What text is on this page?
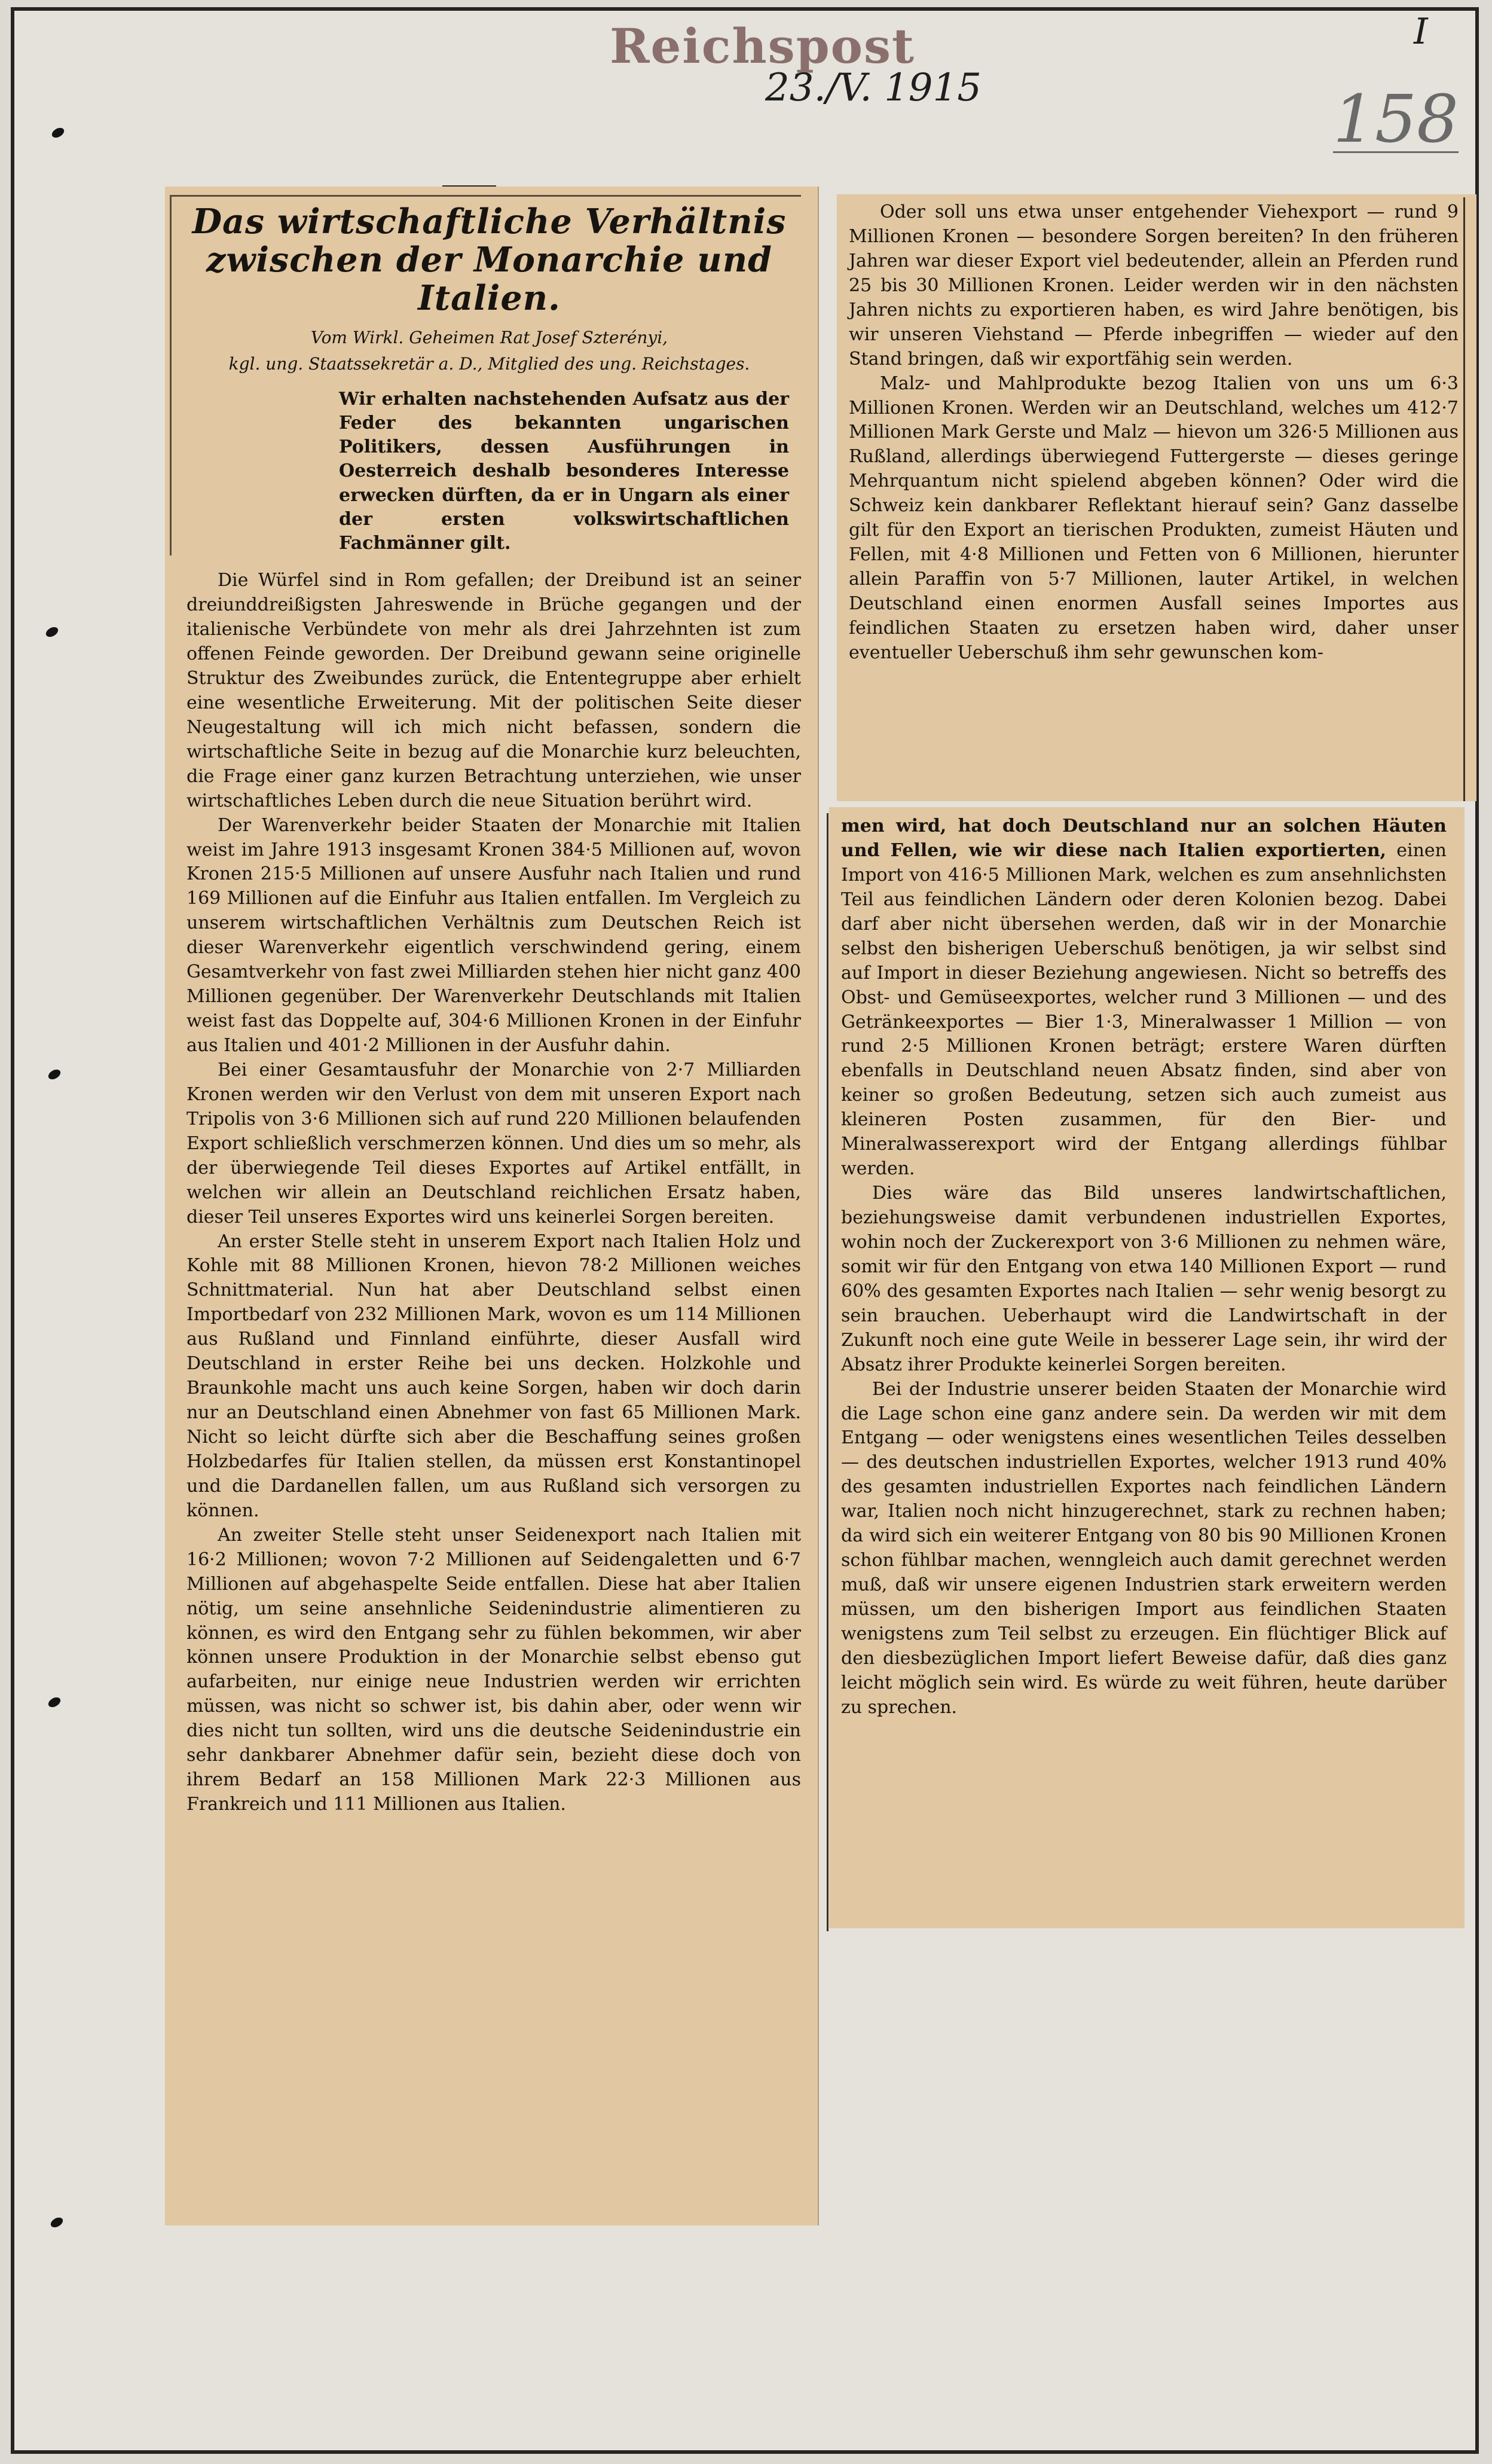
Reichspost	I
23./V. 1915	158
Das wirtschaftliche Verhältnis zwischen der Monarchie und Italien.
Vom Wirkl. Geheimen Rat Josef Szterényi,
kgl. ung. Staatssekretär a. D., Mitglied des ung. Reichstages.
Wir erhalten nachstehenden Aufsatz aus der Feder des bekannten ungarischen Politikers, dessen Ausführungen in Oesterreich deshalb besonderes Interesse erwecken dürften, da er in Ungarn als einer der ersten volkswirtschaftlichen Fachmänner gilt.

Die Würfel sind in Rom gefallen; der Dreibund ist an seiner dreiunddreißigsten Jahreswende in Brüche gegangen und der italienische Verbündete von mehr als drei Jahrzehnten ist zum offenen Feinde geworden. Der Dreibund gewann seine originelle Struktur des Zweibundes zurück, die Ententegruppe aber erhielt eine wesentliche Erweiterung. Mit der politischen Seite dieser Neugestaltung will ich mich nicht befassen, sondern die wirtschaftliche Seite in bezug auf die Monarchie kurz beleuchten, die Frage einer ganz kurzen Betrachtung unterziehen, wie unser wirtschaftliches Leben durch die neue Situation berührt wird.

Der Warenverkehr beider Staaten der Monarchie mit Italien weist im Jahre 1913 insgesamt Kronen 384·5 Millionen auf, wovon Kronen 215·5 Millionen auf unsere Ausfuhr nach Italien und rund 169 Millionen auf die Einfuhr aus Italien entfallen. Im Vergleich zu unserem wirtschaftlichen Verhältnis zum Deutschen Reich ist dieser Warenverkehr eigentlich verschwindend gering, einem Gesamtverkehr von fast zwei Milliarden stehen hier nicht ganz 400 Millionen gegenüber. Der Warenverkehr Deutschlands mit Italien weist fast das Doppelte auf, 304·6 Millionen Kronen in der Einfuhr aus Italien und 401·2 Millionen in der Ausfuhr dahin.

Bei einer Gesamtausfuhr der Monarchie von 2·7 Milliarden Kronen werden wir den Verlust von dem mit unseren Export nach Tripolis von 3·6 Millionen sich auf rund 220 Millionen belaufenden Export schließlich verschmerzen können. Und dies um so mehr, als der überwiegende Teil dieses Exportes auf Artikel entfällt, in welchen wir allein an Deutschland reichlichen Ersatz haben, dieser Teil unseres Exportes wird uns keinerlei Sorgen bereiten.

An erster Stelle steht in unserem Export nach Italien Holz und Kohle mit 88 Millionen Kronen, hievon 78·2 Millionen weiches Schnittmaterial. Nun hat aber Deutschland selbst einen Importbedarf von 232 Millionen Mark, wovon es um 114 Millionen aus Rußland und Finnland einführte, dieser Ausfall wird Deutschland in erster Reihe bei uns decken. Holzkohle und Braunkohle macht uns auch keine Sorgen, haben wir doch darin nur an Deutschland einen Abnehmer von fast 65 Millionen Mark. Nicht so leicht dürfte sich aber die Beschaffung seines großen Holzbedarfes für Italien stellen, da müssen erst Konstantinopel und die Dardanellen fallen, um aus Rußland sich versorgen zu können.

An zweiter Stelle steht unser Seidenexport nach Italien mit 16·2 Millionen; wovon 7·2 Millionen auf Seidengaletten und 6·7 Millionen auf abgehaspelte Seide entfallen. Diese hat aber Italien nötig, um seine ansehnliche Seidenindustrie alimentieren zu können, es wird den Entgang sehr zu fühlen bekommen, wir aber können unsere Produktion in der Monarchie selbst ebenso gut aufarbeiten, nur einige neue Industrien werden wir errichten müssen, was nicht so schwer ist, bis dahin aber, oder wenn wir dies nicht tun sollten, wird uns die deutsche Seidenindustrie ein sehr dankbarer Abnehmer dafür sein, bezieht diese doch von ihrem Bedarf an 158 Millionen Mark 22·3 Millionen aus Frankreich und 111 Millionen aus Italien.

Oder soll uns etwa unser entgehender Viehexport — rund 9 Millionen Kronen — besondere Sorgen bereiten? In den früheren Jahren war dieser Export viel bedeutender, allein an Pferden rund 25 bis 30 Millionen Kronen. Leider werden wir in den nächsten Jahren nichts zu exportieren haben, es wird Jahre benötigen, bis wir unseren Viehstand — Pferde inbegriffen — wieder auf den Stand bringen, daß wir exportfähig sein werden.

Malz- und Mahlprodukte bezog Italien von uns um 6·3 Millionen Kronen. Werden wir an Deutschland, welches um 412·7 Millionen Mark Gerste und Malz — hievon um 326·5 Millionen aus Rußland, allerdings überwiegend Futtergerste — dieses geringe Mehrquantum nicht spielend abgeben können? Oder wird die Schweiz kein dankbarer Reflektant hierauf sein? Ganz dasselbe gilt für den Export an tierischen Produkten, zumeist Häuten und Fellen, mit 4·8 Millionen und Fetten von 6 Millionen, hierunter allein Paraffin von 5·7 Millionen, lauter Artikel, in welchen Deutschland einen enormen Ausfall seines Importes aus feindlichen Staaten zu ersetzen haben wird, daher unser eventueller Ueberschuß ihm sehr gewunschen kom-

men wird, hat doch Deutschland nur an solchen Häuten und Fellen, wie wir diese nach Italien exportierten, einen Import von 416·5 Millionen Mark, welchen es zum ansehnlichsten Teil aus feindlichen Ländern oder deren Kolonien bezog. Dabei darf aber nicht übersehen werden, daß wir in der Monarchie selbst den bisherigen Ueberschuß benötigen, ja wir selbst sind auf Import in dieser Beziehung angewiesen. Nicht so betreffs des Obst- und Gemüseexportes, welcher rund 3 Millionen — und des Getränkeexportes — Bier 1·3, Mineralwasser 1 Million — von rund 2·5 Millionen Kronen beträgt; erstere Waren dürften ebenfalls in Deutschland neuen Absatz finden, sind aber von keiner so großen Bedeutung, setzen sich auch zumeist aus kleineren Posten zusammen, für den Bier- und Mineralwasserexport wird der Entgang allerdings fühlbar werden.

Dies wäre das Bild unseres landwirtschaftlichen, beziehungsweise damit verbundenen industriellen Exportes, wohin noch der Zuckerexport von 3·6 Millionen zu nehmen wäre, somit wir für den Entgang von etwa 140 Millionen Export — rund 60% des gesamten Exportes nach Italien — sehr wenig besorgt zu sein brauchen. Ueberhaupt wird die Landwirtschaft in der Zukunft noch eine gute Weile in besserer Lage sein, ihr wird der Absatz ihrer Produkte keinerlei Sorgen bereiten.

Bei der Industrie unserer beiden Staaten der Monarchie wird die Lage schon eine ganz andere sein. Da werden wir mit dem Entgang — oder wenigstens eines wesentlichen Teiles desselben — des deutschen industriellen Exportes, welcher 1913 rund 40% des gesamten industriellen Exportes nach feindlichen Ländern war, Italien noch nicht hinzugerechnet, stark zu rechnen haben; da wird sich ein weiterer Entgang von 80 bis 90 Millionen Kronen schon fühlbar machen, wenngleich auch damit gerechnet werden muß, daß wir unsere eigenen Industrien stark erweitern werden müssen, um den bisherigen Import aus feindlichen Staaten wenigstens zum Teil selbst zu erzeugen. Ein flüchtiger Blick auf den diesbezüglichen Import liefert Beweise dafür, daß dies ganz leicht möglich sein wird. Es würde zu weit führen, heute darüber zu sprechen.
